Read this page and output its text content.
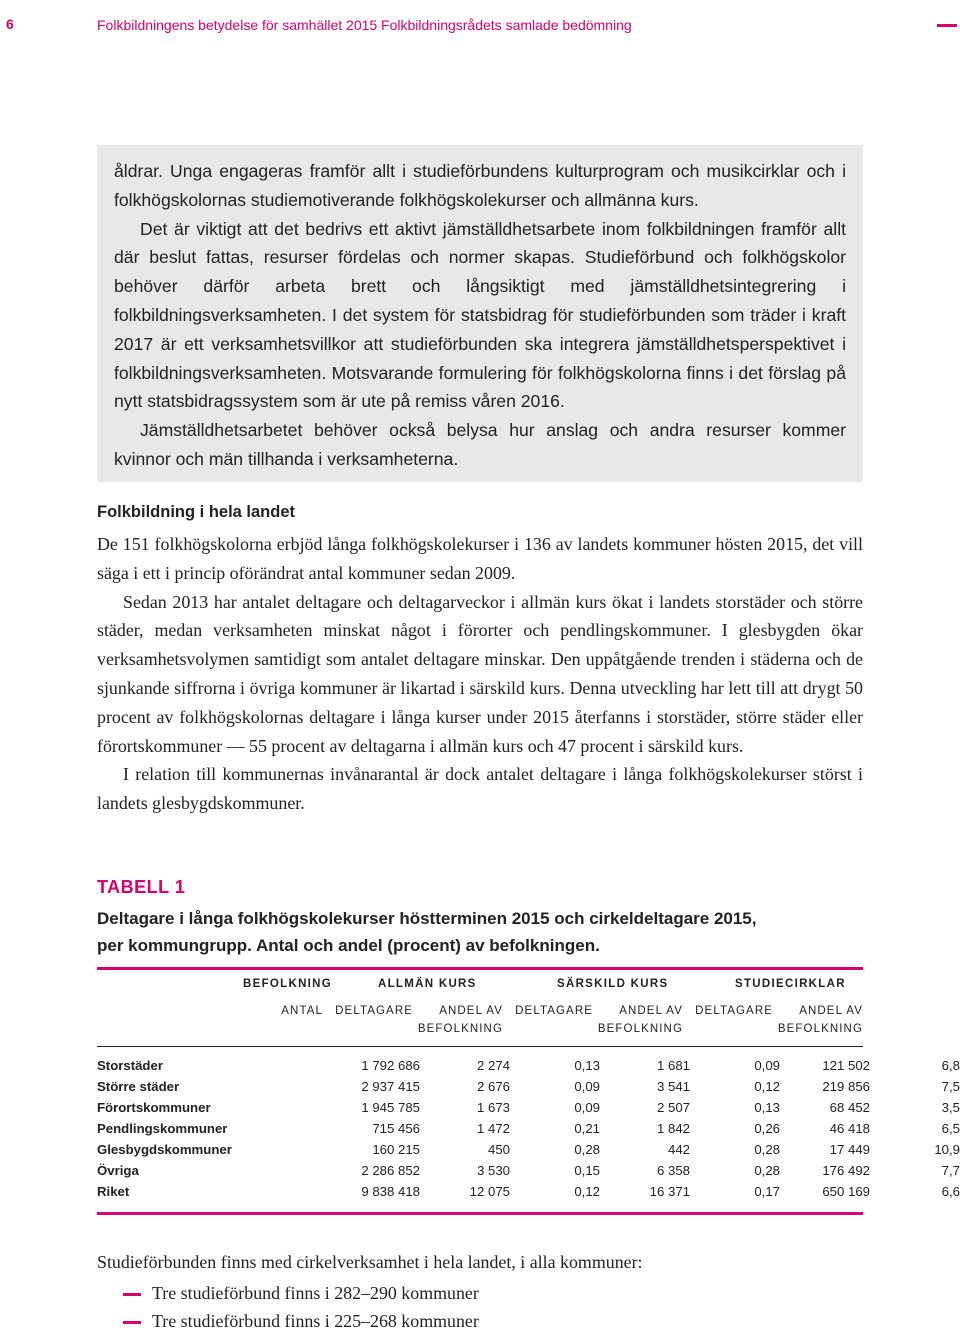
6	Folkbildningens betydelse för samhället 2015 Folkbildningsrådets samlade bedömning

åldrar. Unga engageras framför allt i studieförbundens kulturprogram och musikcirklar och i folkhögskolornas studiemotiverande folkhögskolekurser och allmänna kurs.

Det är viktigt att det bedrivs ett aktivt jämställdhetsarbete inom folkbildningen framför allt där beslut fattas, resurser fördelas och normer skapas. Studieförbund och folkhögskolor behöver därför arbeta brett och långsiktigt med jämställdhetsintegrering i folkbildningsverksamheten. I det system för statsbidrag för studieförbunden som träder i kraft 2017 är ett verksamhetsvillkor att studieförbunden ska integrera jämställdhetsperspektivet i folkbildningsverksamheten. Motsvarande formulering för folkhögskolorna finns i det förslag på nytt statsbidragssystem som är ute på remiss våren 2016.

Jämställdhetsarbetet behöver också belysa hur anslag och andra resurser kommer kvinnor och män tillhanda i verksamheterna.

Folkbildning i hela landet

De 151 folkhögskolorna erbjöd långa folkhögskolekurser i 136 av landets kommuner hösten 2015, det vill säga i ett i princip oförändrat antal kommuner sedan 2009.

Sedan 2013 har antalet deltagare och deltagarveckor i allmän kurs ökat i landets storstäder och större städer, medan verksamheten minskat något i förorter och pendlingskommuner. I glesbygden ökar verksamhetsvolymen samtidigt som antalet deltagare minskar. Den uppåtgående trenden i städerna och de sjunkande siffrorna i övriga kommuner är likartad i särskild kurs. Denna utveckling har lett till att drygt 50 procent av folkhögskolornas deltagare i långa kurser under 2015 återfanns i storstäder, större städer eller förortskommuner — 55 procent av deltagarna i allmän kurs och 47 procent i särskild kurs.

I relation till kommunernas invånarantal är dock antalet deltagare i långa folkhögskolekurser störst i landets glesbygdskommuner.

TABELL 1
Deltagare i långa folkhögskolekurser höstterminen 2015 och cirkeldeltagare 2015,
per kommungrupp. Antal och andel (procent) av befolkningen.
BEFOLKNING	ALLMÄN KURS	SÄRSKILD KURS	STUDIECIRKLAR
ANTAL DELTAGARE	ANDEL AV
BEFOLKNING
DELTAGARE	ANDEL AV
BEFOLKNING
DELTAGARE	ANDEL AV
BEFOLKNING
Storstäder	1 792 686	2 274	0,13	1 681	0,09	121 502	6,8
Större städer	2 937 415	2 676	0,09	3 541	0,12	219 856	7,5
Förortskommuner	1 945 785	1 673	0,09	2 507	0,13	68 452	3,5
Pendlingskommuner	715 456	1 472	0,21	1 842	0,26	46 418	6,5
Glesbygdskommuner	160 215	450	0,28	442	0,28	17 449	10,9
Övriga	2 286 852	3 530	0,15	6 358	0,28	176 492	7,7
Riket	9 838 418	12 075	0,12	16 371	0,17	650 169	6,6
Studieförbunden finns med cirkelverksamhet i hela landet, i alla kommuner:
Tre studieförbund finns i 282–290 kommuner
Tre studieförbund finns i 225–268 kommuner
